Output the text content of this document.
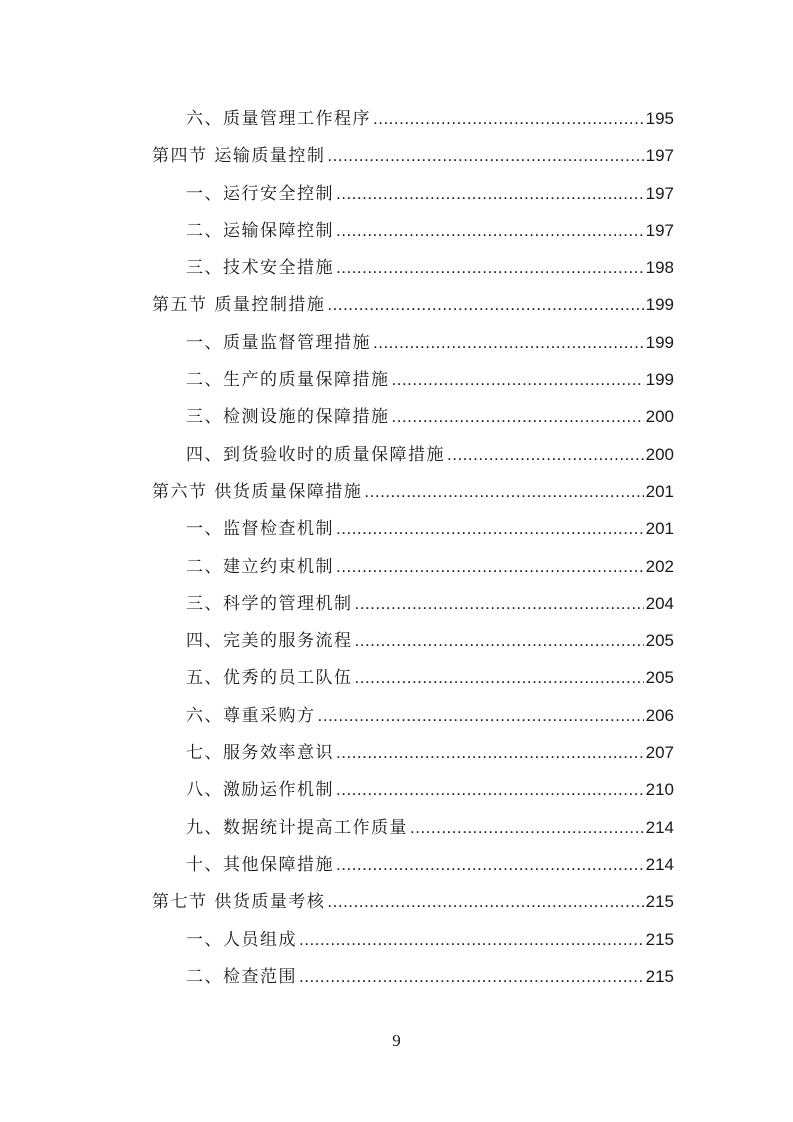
六、质量管理工作程序 .....	195
第四节 运输质量控制 .....	197
一、运行安全控制 .....	197
二、运输保障控制 .....	197
三、技术安全措施 .....	198
第五节 质量控制措施 .....	199
一、质量监督管理措施 .....	199
二、生产的质量保障措施 .....	199
三、检测设施的保障措施 .....	200
四、到货验收时的质量保障措施 .....	200
第六节 供货质量保障措施 .....	201
一、监督检查机制 .....	201
二、建立约束机制 .....	202
三、科学的管理机制 .....	204
四、完美的服务流程 .....	205
五、优秀的员工队伍 .....	205
六、尊重采购方 .....	206
七、服务效率意识 .....	207
八、激励运作机制 .....	210
九、数据统计提高工作质量 .....	214
十、其他保障措施 .....	214
第七节 供货质量考核 .....	215
一、人员组成 .....	215
二、检查范围 .....	215
9
